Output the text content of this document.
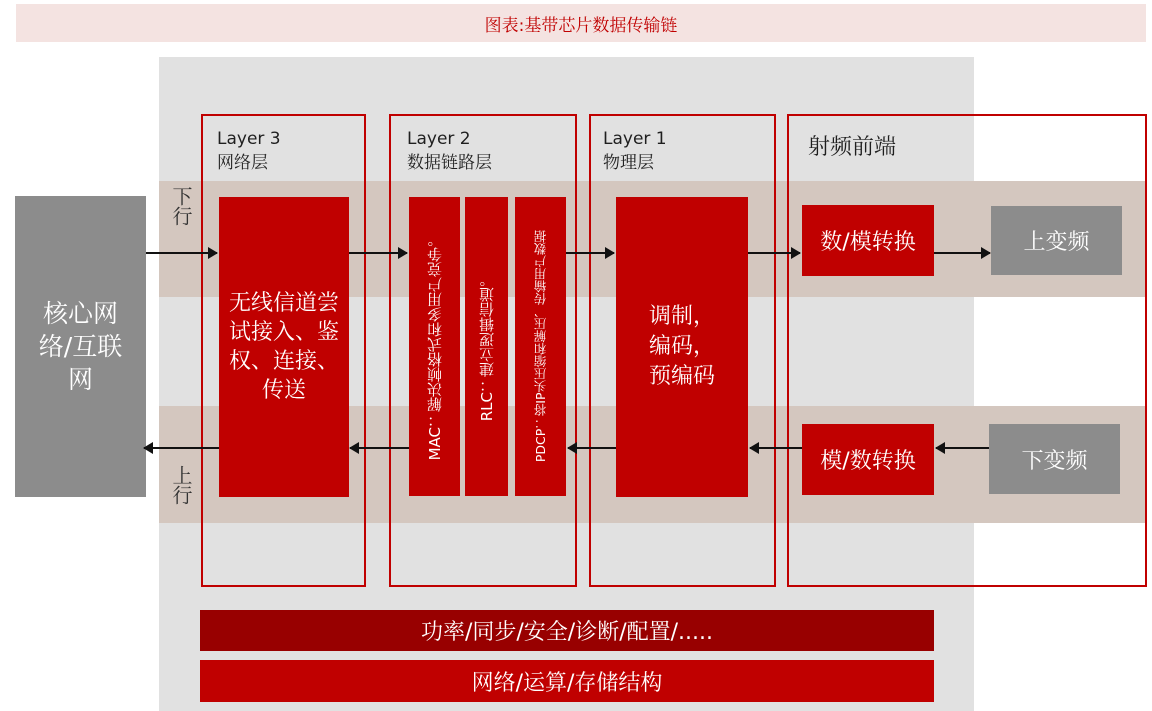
图表:基带芯片数据传输链
下行
上行
核心网络/互联网
Layer 3
网络层
无线信道尝试接入、鉴权、连接、传送
Layer 2
数据链路层
MAC：解决帧格式和多用户竞争。 RLC：建立逻辑信道。	PDCP：将IP头压缩和解压、传输用户数据
Layer 1
物理层
调制，编码，预编码
射频前端
数/模转换
模/数转换
上变频
下变频
功率/同步/安全/诊断/配置/.....
网络/运算/存储结构
